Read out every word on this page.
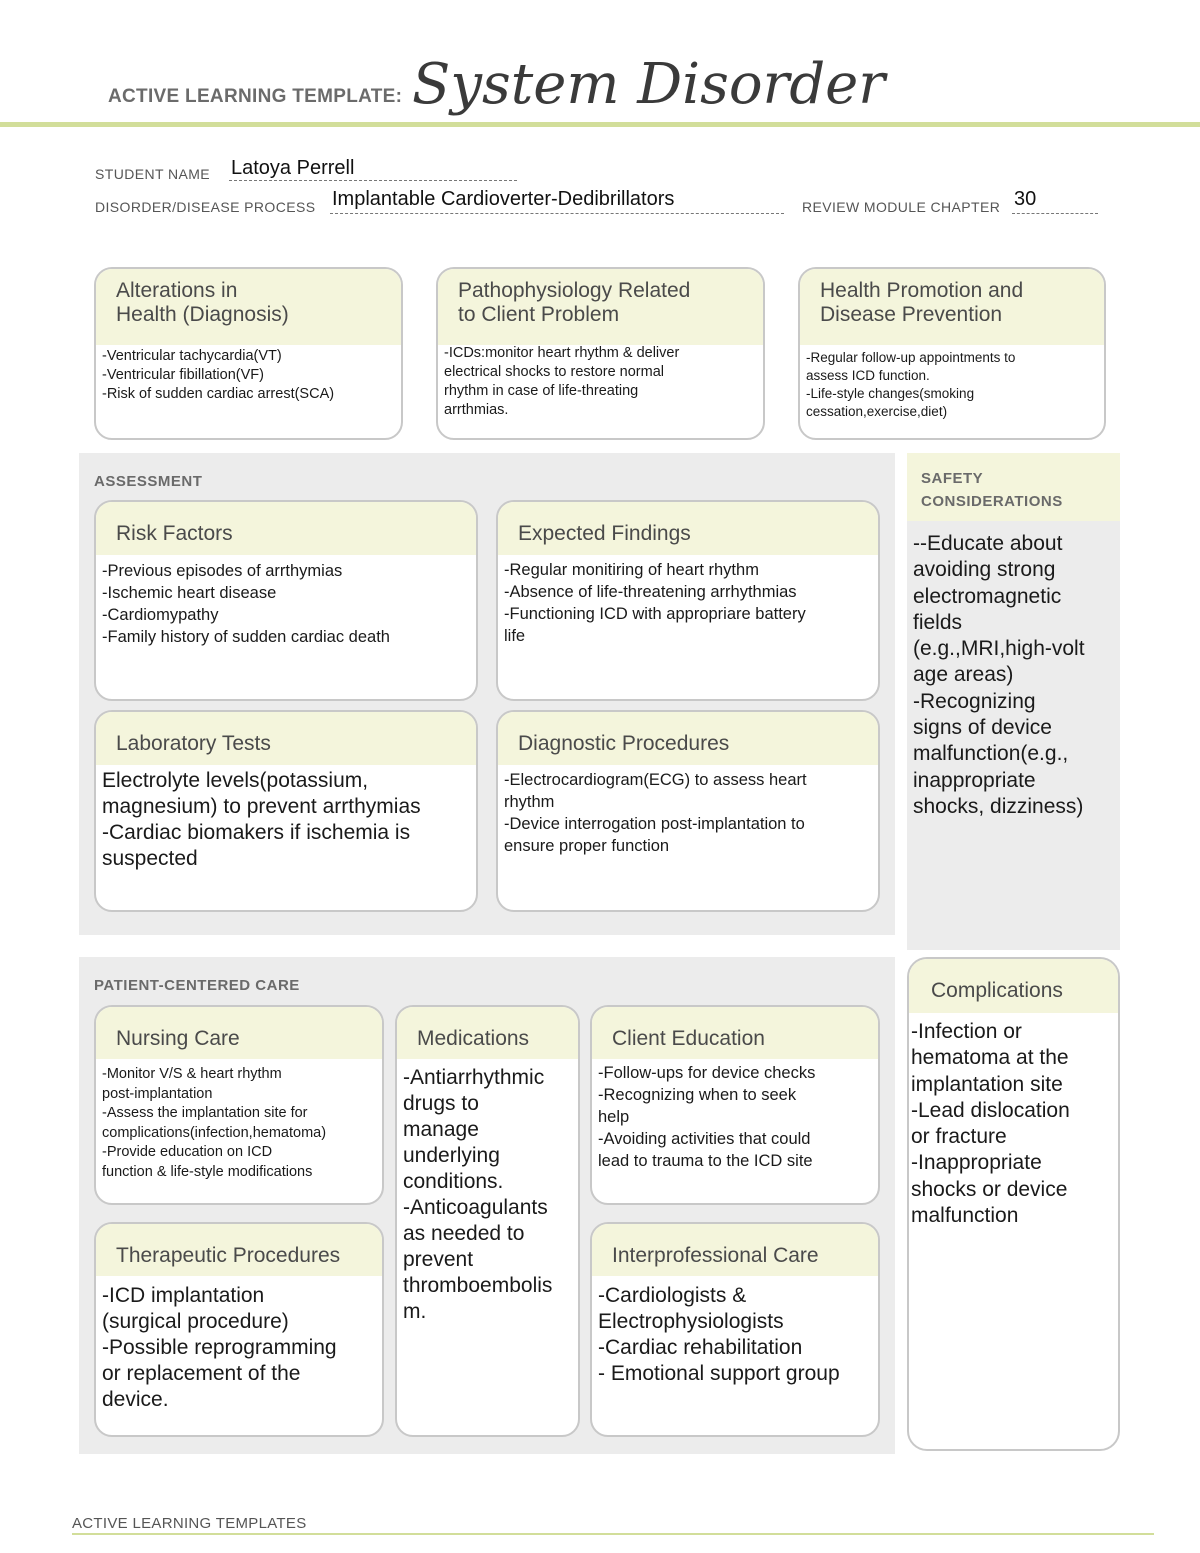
ACTIVE LEARNING TEMPLATE: System Disorder
STUDENT NAME Latoya Perrell
DISORDER/DISEASE PROCESS Implantable Cardioverter-Dedibrillators	REVIEW MODULE CHAPTER 30
Alterations in
Health (Diagnosis)
-Ventricular tachycardia(VT)
-Ventricular fibillation(VF)
-Risk of sudden cardiac arrest(SCA)
Pathophysiology Related
to Client Problem
-ICDs:monitor heart rhythm & deliver
electrical shocks to restore normal
rhythm in case of life-threating
arrthmias.
Health Promotion and
Disease Prevention
-Regular follow-up appointments to
assess ICD function.
-Life-style changes(smoking
cessation,exercise,diet)
ASSESSMENT
Risk Factors
-Previous episodes of arrthymias
-Ischemic heart disease
-Cardiomypathy
-Family history of sudden cardiac death
Expected Findings
-Regular monitiring of heart rhythm
-Absence of life-threatening arrhythmias
-Functioning ICD with appropriare battery
life
Laboratory Tests
Electrolyte levels(potassium,
magnesium) to prevent arrthymias
-Cardiac biomakers if ischemia is
suspected
Diagnostic Procedures
-Electrocardiogram(ECG) to assess heart
rhythm
-Device interrogation post-implantation to
ensure proper function
SAFETY
CONSIDERATIONS
--Educate about
avoiding strong
electromagnetic
fields
(e.g.,MRI,high-volt
age areas)
-Recognizing
signs of device
malfunction(e.g.,
inappropriate
shocks, dizziness)
PATIENT-CENTERED CARE
Nursing Care
-Monitor V/S & heart rhythm
post-implantation
-Assess the implantation site for
complications(infection,hematoma)
-Provide education on ICD
function & life-style modifications
Medications
-Antiarrhythmic
drugs to
manage
underlying
conditions.
-Anticoagulants
as needed to
prevent
thromboembolis
m.
Client Education
-Follow-ups for device checks
-Recognizing when to seek
help
-Avoiding activities that could
lead to trauma to the ICD site
Therapeutic Procedures
-ICD implantation
(surgical procedure)
-Possible reprogramming
or replacement of the
device.
Interprofessional Care
-Cardiologists &
Electrophysiologists
-Cardiac rehabilitation
- Emotional support group
Complications
-Infection or
hematoma at the
implantation site
-Lead dislocation
or fracture
-Inappropriate
shocks or device
malfunction
ACTIVE LEARNING TEMPLATES
